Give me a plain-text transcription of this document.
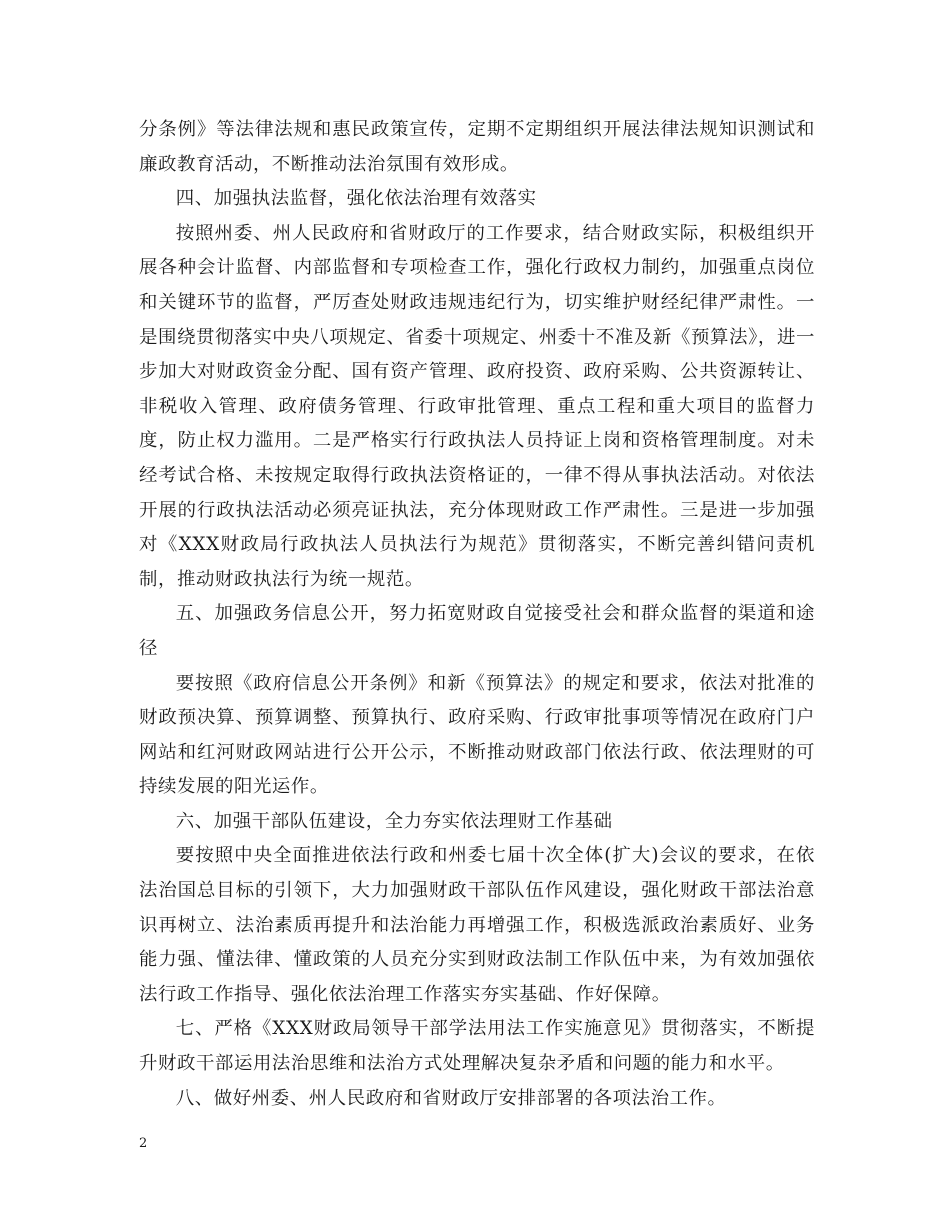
分条例》等法律法规和惠民政策宣传，定期不定期组织开展法律法规知识测试和廉政教育活动，不断推动法治氛围有效形成。

四、加强执法监督，强化依法治理有效落实

按照州委、州人民政府和省财政厅的工作要求，结合财政实际，积极组织开展各种会计监督、内部监督和专项检查工作，强化行政权力制约，加强重点岗位和关键环节的监督，严厉查处财政违规违纪行为，切实维护财经纪律严肃性。一是围绕贯彻落实中央八项规定、省委十项规定、州委十不准及新《预算法》，进一步加大对财政资金分配、国有资产管理、政府投资、政府采购、公共资源转让、非税收入管理、政府债务管理、行政审批管理、重点工程和重大项目的监督力度，防止权力滥用。二是严格实行行政执法人员持证上岗和资格管理制度。对未经考试合格、未按规定取得行政执法资格证的，一律不得从事执法活动。对依法开展的行政执法活动必须亮证执法，充分体现财政工作严肃性。三是进一步加强对《XXX财政局行政执法人员执法行为规范》贯彻落实，不断完善纠错问责机制，推动财政执法行为统一规范。

五、加强政务信息公开，努力拓宽财政自觉接受社会和群众监督的渠道和途径

要按照《政府信息公开条例》和新《预算法》的规定和要求，依法对批准的财政预决算、预算调整、预算执行、政府采购、行政审批事项等情况在政府门户网站和红河财政网站进行公开公示，不断推动财政部门依法行政、依法理财的可持续发展的阳光运作。

六、加强干部队伍建设，全力夯实依法理财工作基础

要按照中央全面推进依法行政和州委七届十次全体(扩大)会议的要求，在依法治国总目标的引领下，大力加强财政干部队伍作风建设，强化财政干部法治意识再树立、法治素质再提升和法治能力再增强工作，积极选派政治素质好、业务能力强、懂法律、懂政策的人员充分实到财政法制工作队伍中来，为有效加强依法行政工作指导、强化依法治理工作落实夯实基础、作好保障。

七、严格《XXX财政局领导干部学法用法工作实施意见》贯彻落实，不断提升财政干部运用法治思维和法治方式处理解决复杂矛盾和问题的能力和水平。

八、做好州委、州人民政府和省财政厅安排部署的各项法治工作。

2
